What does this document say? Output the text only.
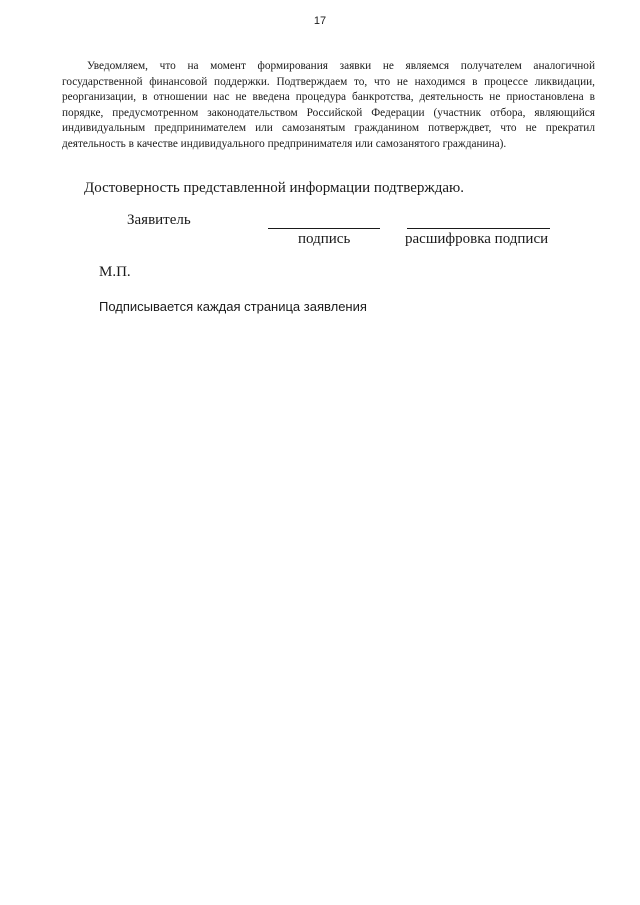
17

Уведомляем, что на момент формирования заявки не являемся получателем аналогичной государственной финансовой поддержки. Подтверждаем то, что не находимся в процессе ликвидации, реорганизации, в отношении нас не введена процедура банкротства, деятельность не приостановлена в порядке, предусмотренном законодательством Российской Федерации (участник отбора, являющийся индивидуальным предпринимателем или самозанятым гражданином потверждвет, что не прекратил деятельность в качестве индивидуального предпринимателя или самозанятого гражданина).

Достоверность представленной информации подтверждаю.
Заявитель
подпись	расшифровка подписи
М.П.
Подписывается каждая страница заявления
